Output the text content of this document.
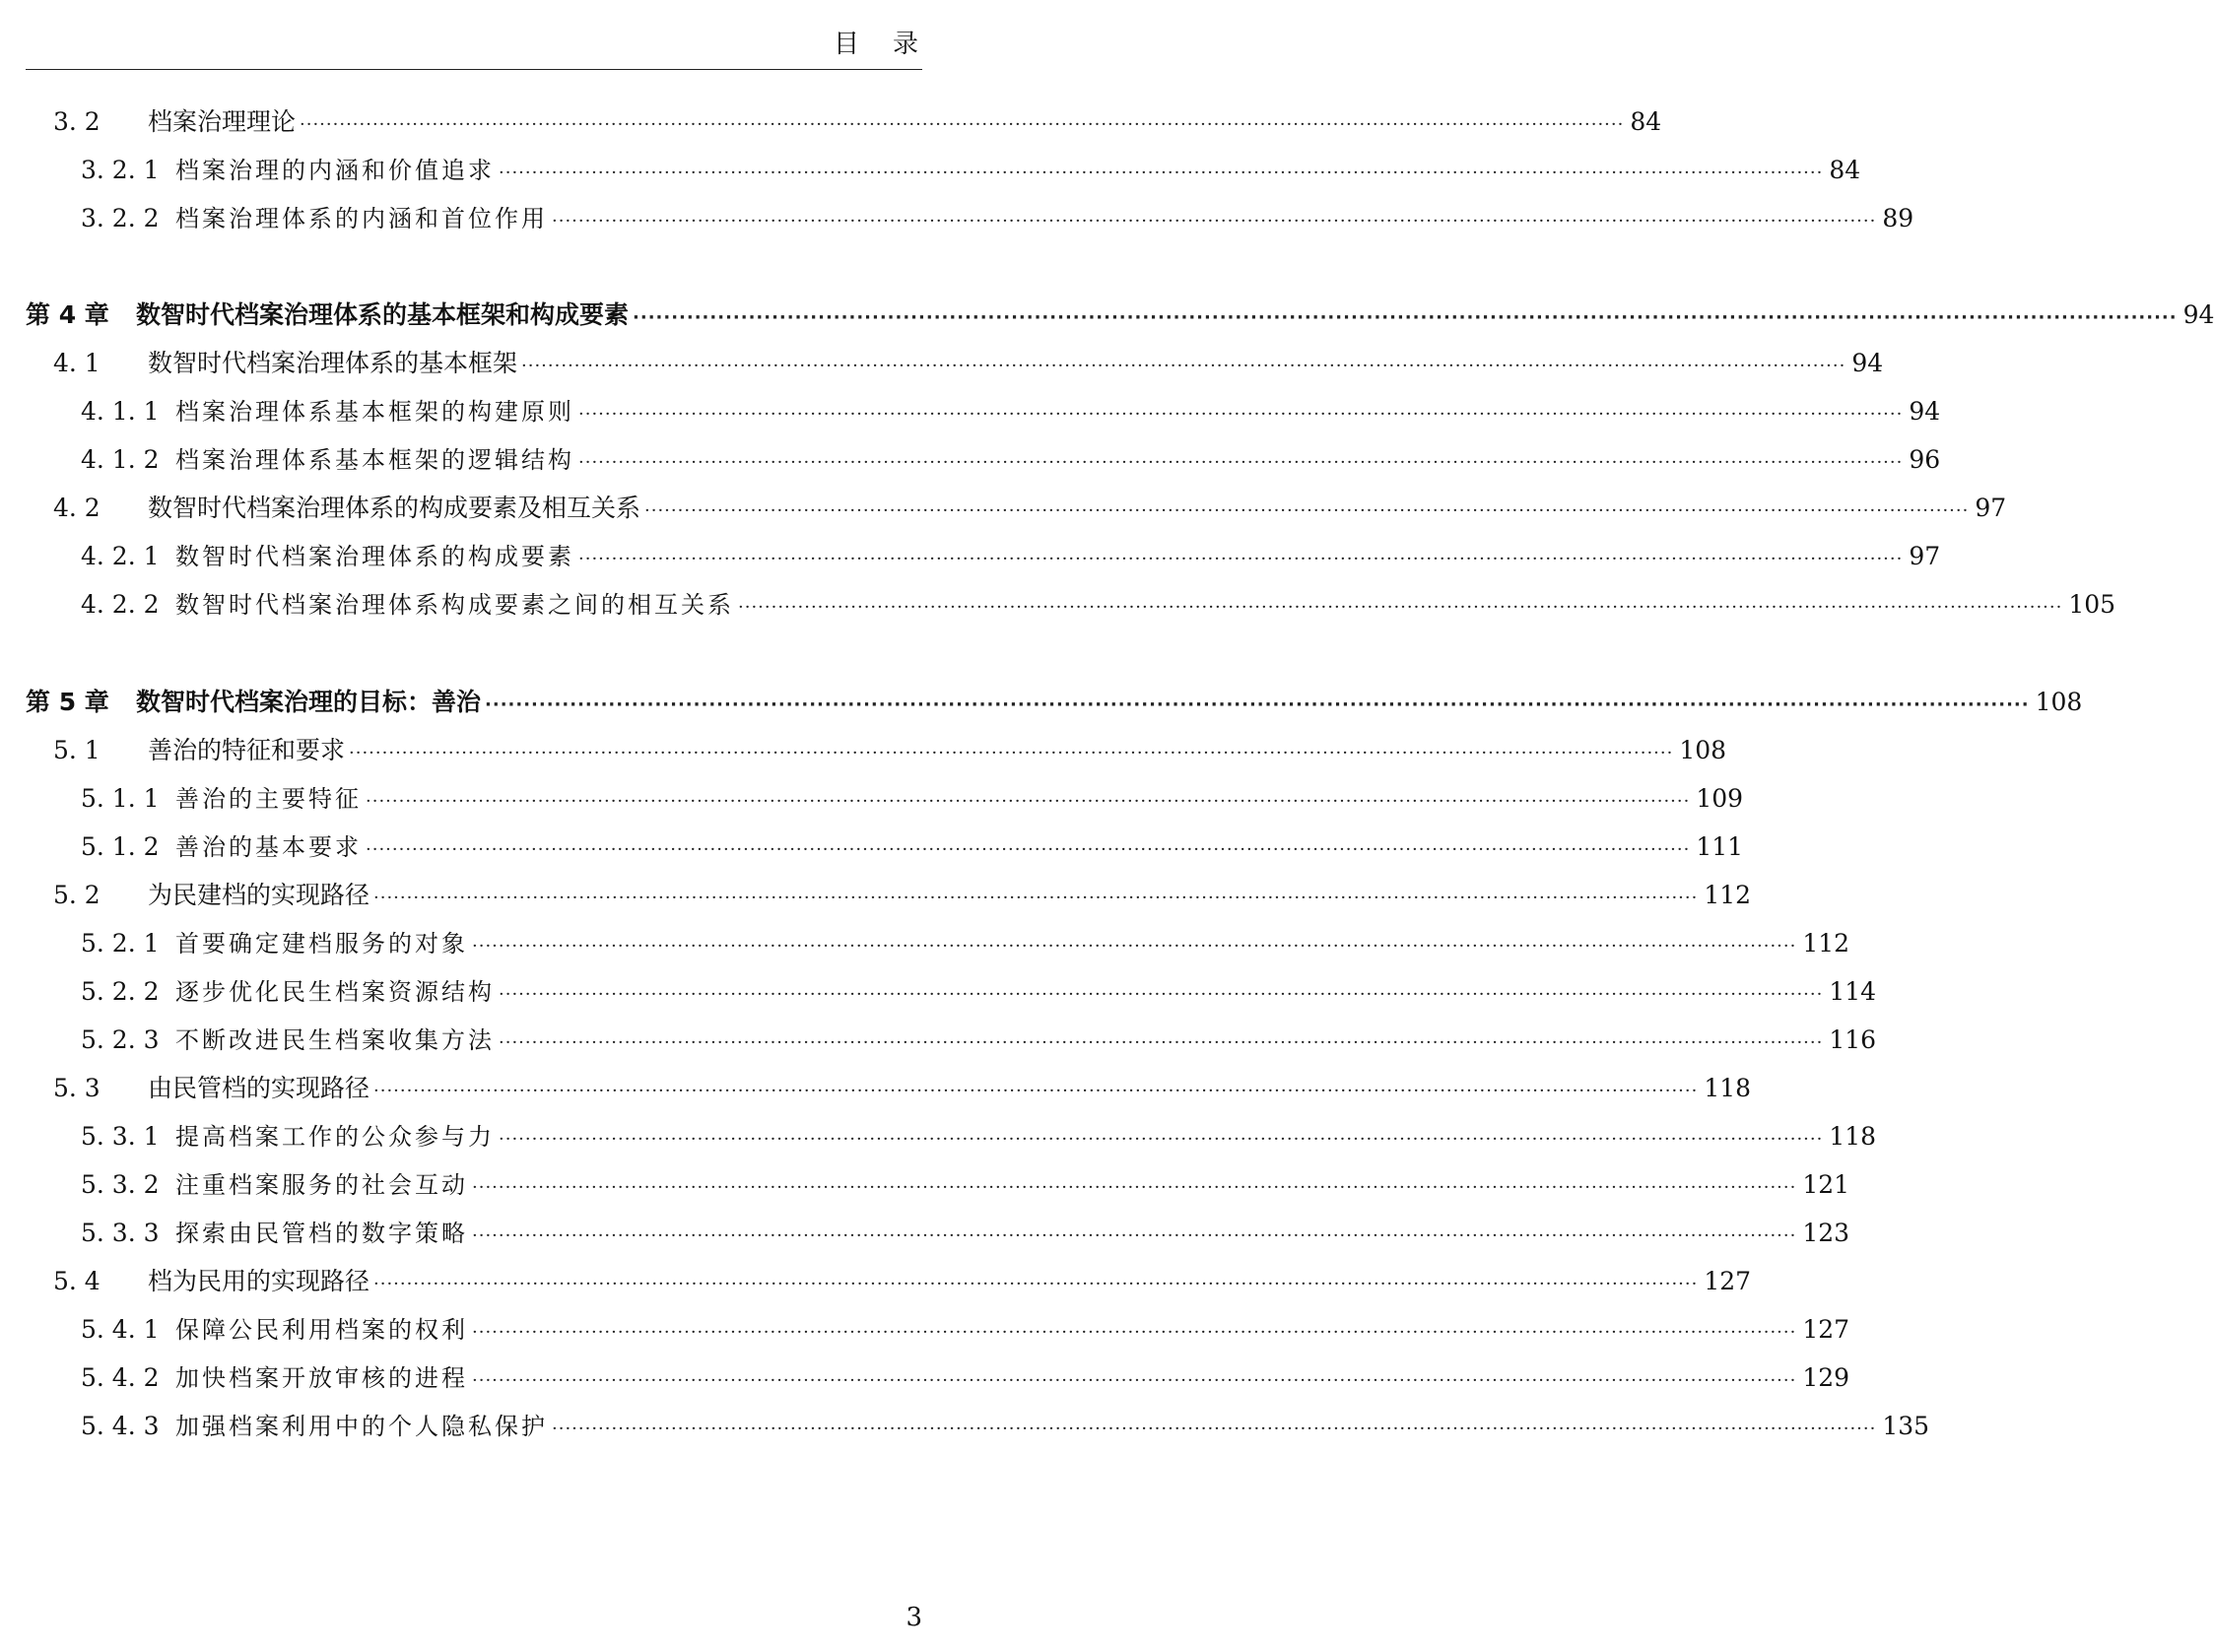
目录
3. 2	档案治理理论 ········································································································································································································ 84
3. 2. 1 档案治理的内涵和价值追求 ········································································································································································································ 84
3. 2. 2 档案治理体系的内涵和首位作用 ········································································································································································································ 89
第 4 章	数智时代档案治理体系的基本框架和构成要素 ········································································································································································································ 94
4. 1	数智时代档案治理体系的基本框架 ········································································································································································································ 94
4. 1. 1 档案治理体系基本框架的构建原则 ········································································································································································································ 94
4. 1. 2 档案治理体系基本框架的逻辑结构 ········································································································································································································ 96
4. 2	数智时代档案治理体系的构成要素及相互关系 ········································································································································································································ 97
4. 2. 1 数智时代档案治理体系的构成要素 ········································································································································································································ 97
4. 2. 2 数智时代档案治理体系构成要素之间的相互关系 ········································································································································································································ 105
第 5 章	数智时代档案治理的目标：善治 ········································································································································································································ 108
5. 1	善治的特征和要求 ········································································································································································································ 108
5. 1. 1 善治的主要特征 ········································································································································································································ 109
5. 1. 2 善治的基本要求 ········································································································································································································ 111
5. 2	为民建档的实现路径 ········································································································································································································ 112
5. 2. 1 首要确定建档服务的对象 ········································································································································································································ 112
5. 2. 2 逐步优化民生档案资源结构 ········································································································································································································ 114
5. 2. 3 不断改进民生档案收集方法 ········································································································································································································ 116
5. 3	由民管档的实现路径 ········································································································································································································ 118
5. 3. 1 提高档案工作的公众参与力 ········································································································································································································ 118
5. 3. 2 注重档案服务的社会互动 ········································································································································································································ 121
5. 3. 3 探索由民管档的数字策略 ········································································································································································································ 123
5. 4	档为民用的实现路径 ········································································································································································································ 127
5. 4. 1 保障公民利用档案的权利 ········································································································································································································ 127
5. 4. 2 加快档案开放审核的进程 ········································································································································································································ 129
5. 4. 3 加强档案利用中的个人隐私保护 ········································································································································································································ 135
3
